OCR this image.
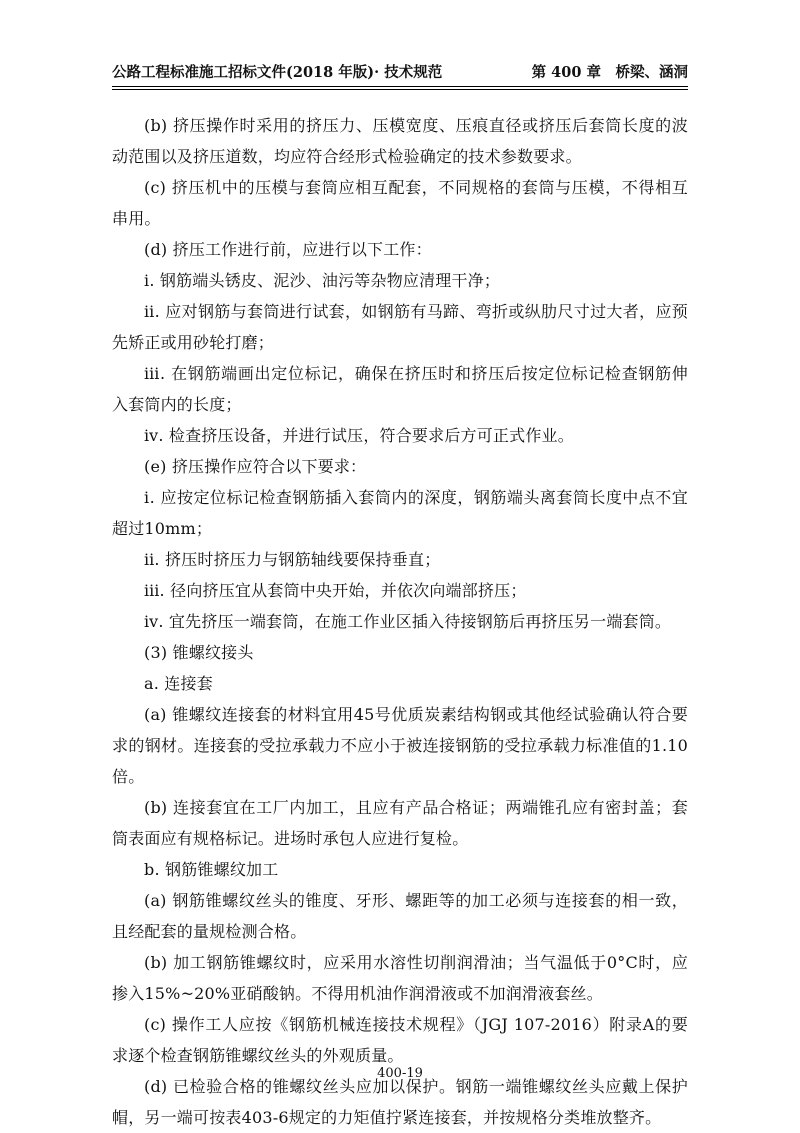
公路工程标准施工招标文件(2018 年版)· 技术规范	第 400 章　桥梁、涵洞

(b) 挤压操作时采用的挤压力、压模宽度、压痕直径或挤压后套筒长度的波动范围以及挤压道数，均应符合经形式检验确定的技术参数要求。

(c) 挤压机中的压模与套筒应相互配套，不同规格的套筒与压模，不得相互串用。

(d) 挤压工作进行前，应进行以下工作：

ⅰ. 钢筋端头锈皮、泥沙、油污等杂物应清理干净；

ⅱ. 应对钢筋与套筒进行试套，如钢筋有马蹄、弯折或纵肋尺寸过大者，应预先矫正或用砂轮打磨；

ⅲ. 在钢筋端画出定位标记，确保在挤压时和挤压后按定位标记检查钢筋伸入套筒内的长度；

ⅳ. 检查挤压设备，并进行试压，符合要求后方可正式作业。

(e) 挤压操作应符合以下要求：

ⅰ. 应按定位标记检查钢筋插入套筒内的深度，钢筋端头离套筒长度中点不宜超过10mm；

ⅱ. 挤压时挤压力与钢筋轴线要保持垂直；

ⅲ. 径向挤压宜从套筒中央开始，并依次向端部挤压；

ⅳ. 宜先挤压一端套筒，在施工作业区插入待接钢筋后再挤压另一端套筒。

(3) 锥螺纹接头

a. 连接套

(a) 锥螺纹连接套的材料宜用45号优质炭素结构钢或其他经试验确认符合要求的钢材。连接套的受拉承载力不应小于被连接钢筋的受拉承载力标准值的1.10倍。

(b) 连接套宜在工厂内加工，且应有产品合格证；两端锥孔应有密封盖；套筒表面应有规格标记。进场时承包人应进行复检。

b. 钢筋锥螺纹加工

(a) 钢筋锥螺纹丝头的锥度、牙形、螺距等的加工必须与连接套的相一致，且经配套的量规检测合格。

(b) 加工钢筋锥螺纹时，应采用水溶性切削润滑油；当气温低于0°C时，应掺入15%~20%亚硝酸钠。不得用机油作润滑液或不加润滑液套丝。

(c) 操作工人应按《钢筋机械连接技术规程》（JGJ 107-2016）附录A的要求逐个检查钢筋锥螺纹丝头的外观质量。

(d) 已检验合格的锥螺纹丝头应加以保护。钢筋一端锥螺纹丝头应戴上保护帽，另一端可按表403-6规定的力矩值拧紧连接套，并按规格分类堆放整齐。

400-19
